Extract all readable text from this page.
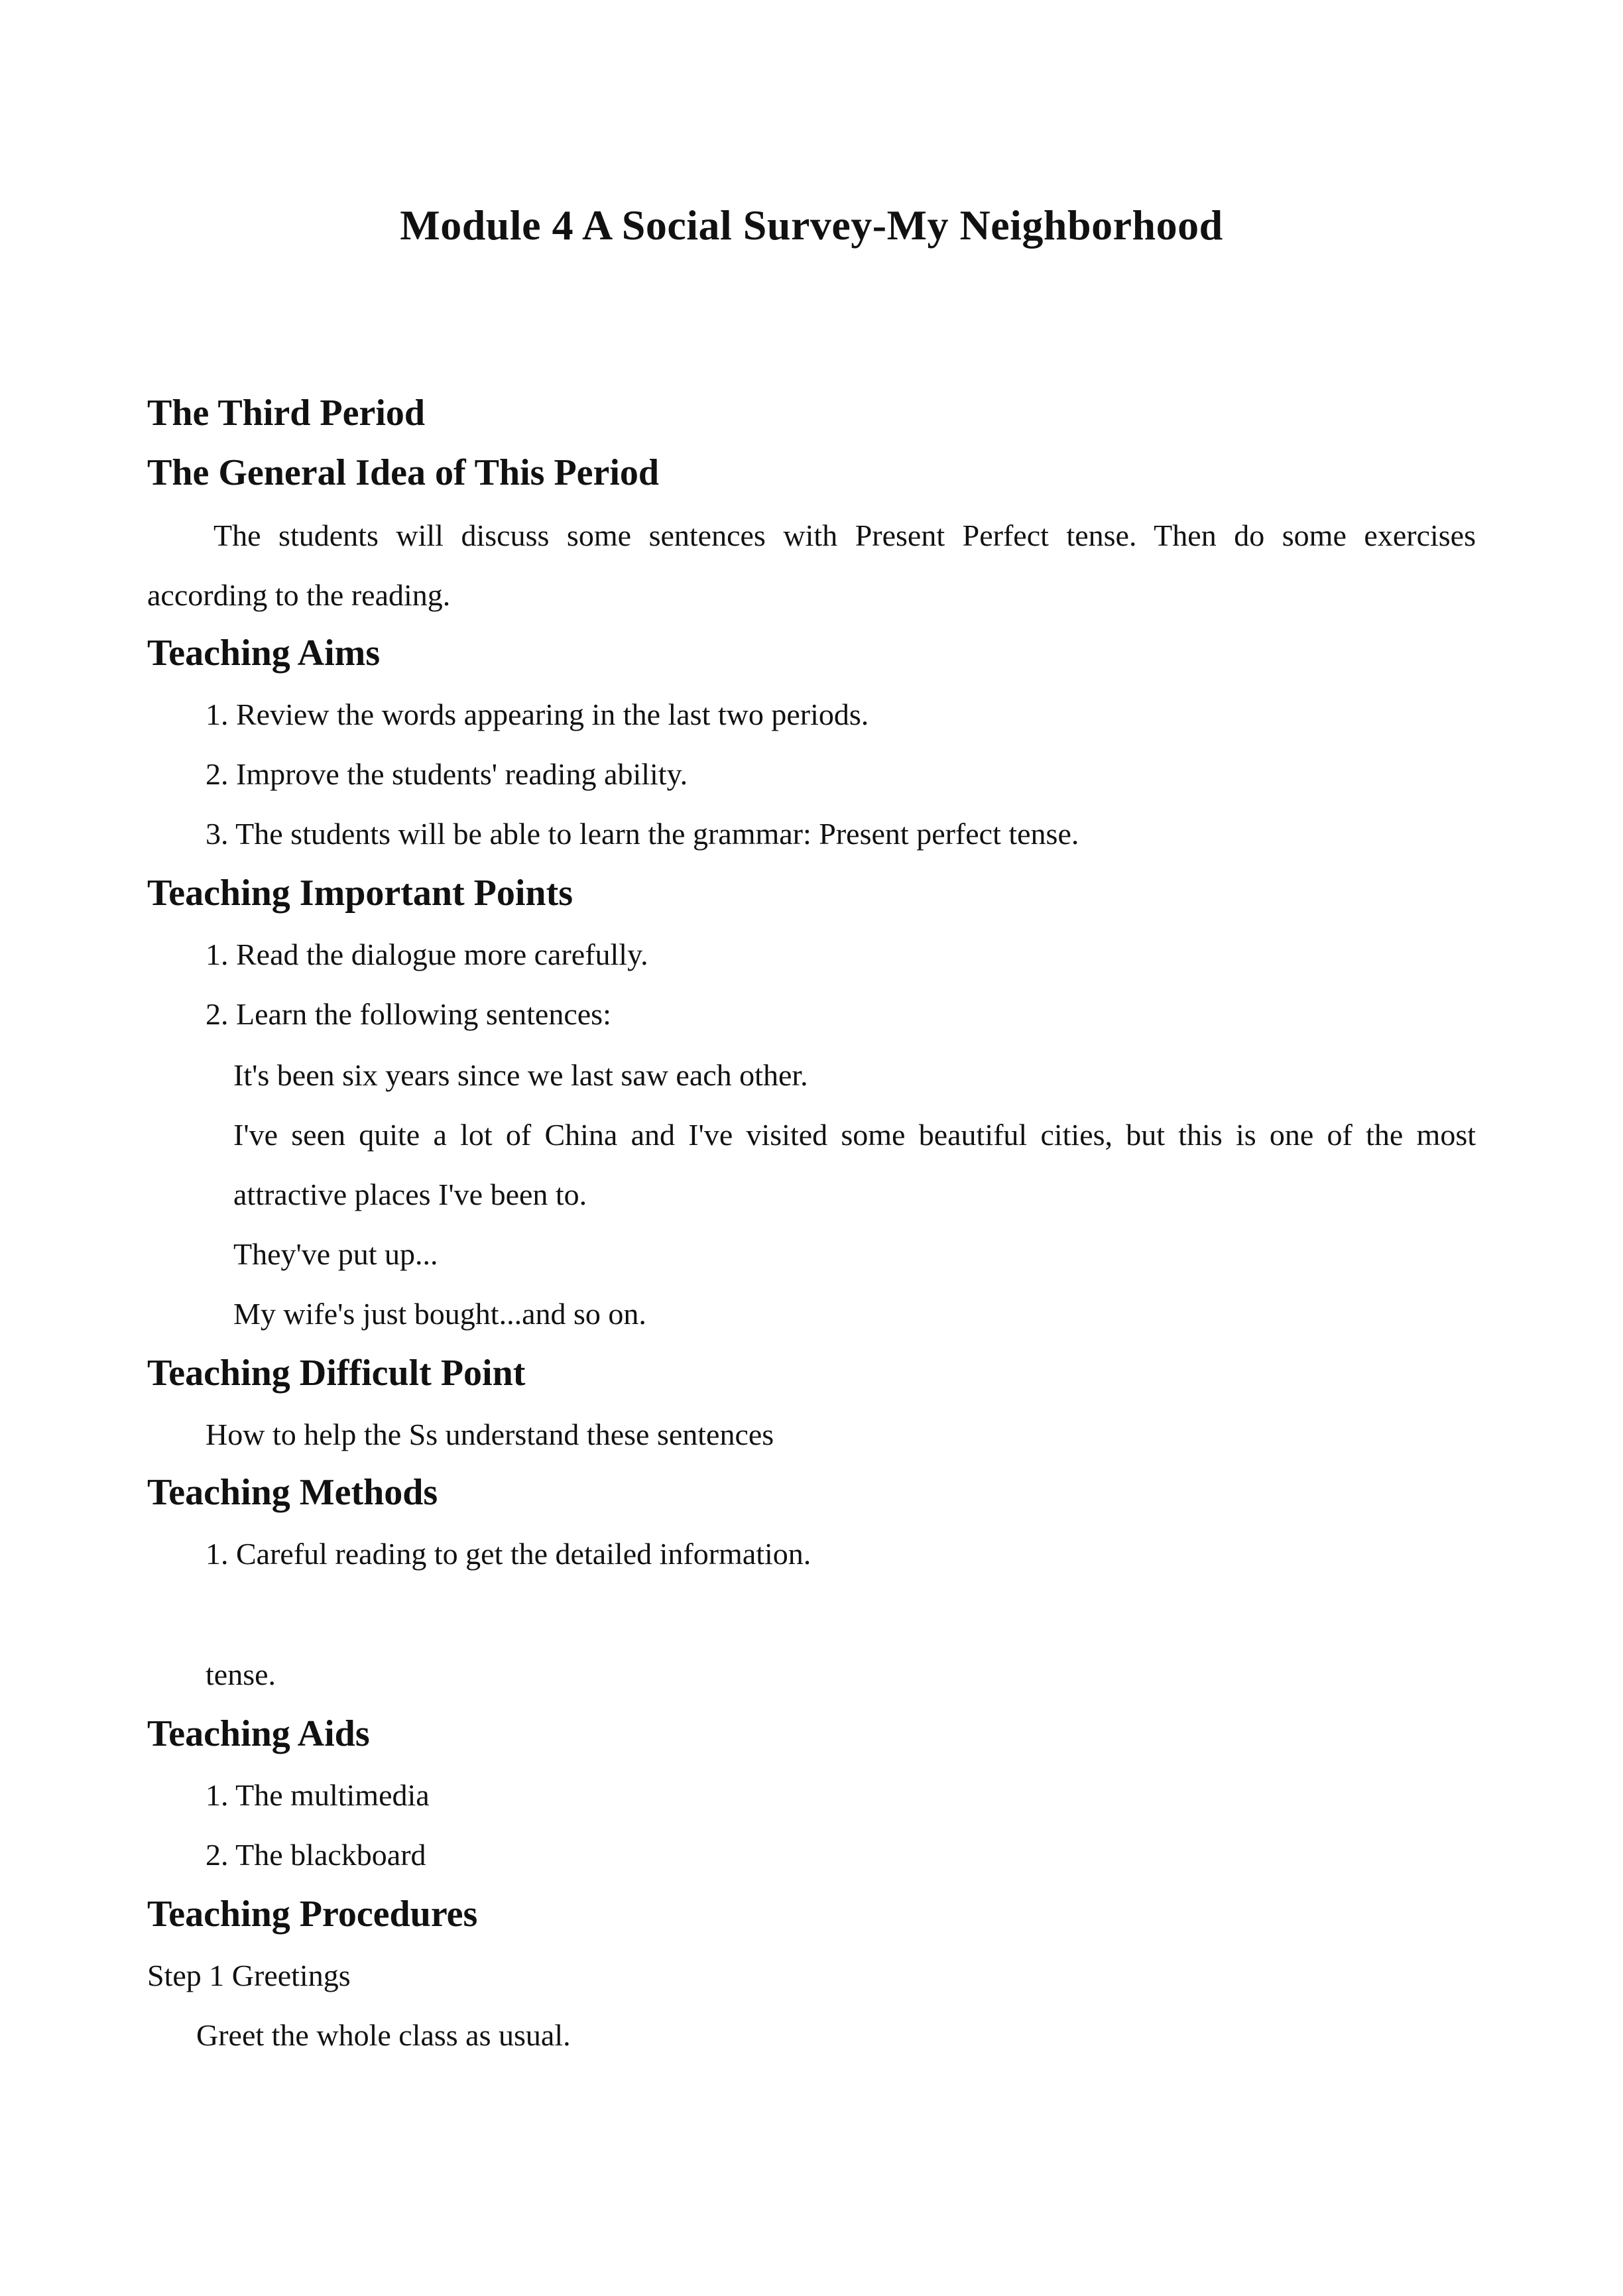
Module 4 A Social Survey-My Neighborhood
The Third Period
The General Idea of This Period
The students will discuss some sentences with Present Perfect tense. Then do some exercises
according to the reading.
Teaching Aims
1. Review the words appearing in the last two periods.
2. Improve the students' reading ability.
3. The students will be able to learn the grammar: Present perfect tense.
Teaching Important Points
1. Read the dialogue more carefully.
2. Learn the following sentences:
It's been six years since we last saw each other.
I've seen quite a lot of China and I've visited some beautiful cities, but this is one of the most
attractive places I've been to.
They've put up...
My wife's just bought...and so on.
Teaching Difficult Point
How to help the Ss understand these sentences
Teaching Methods
1. Careful reading to get the detailed information.
tense.
Teaching Aids
1. The multimedia
2. The blackboard
Teaching Procedures
Step 1 Greetings
Greet the whole class as usual.
